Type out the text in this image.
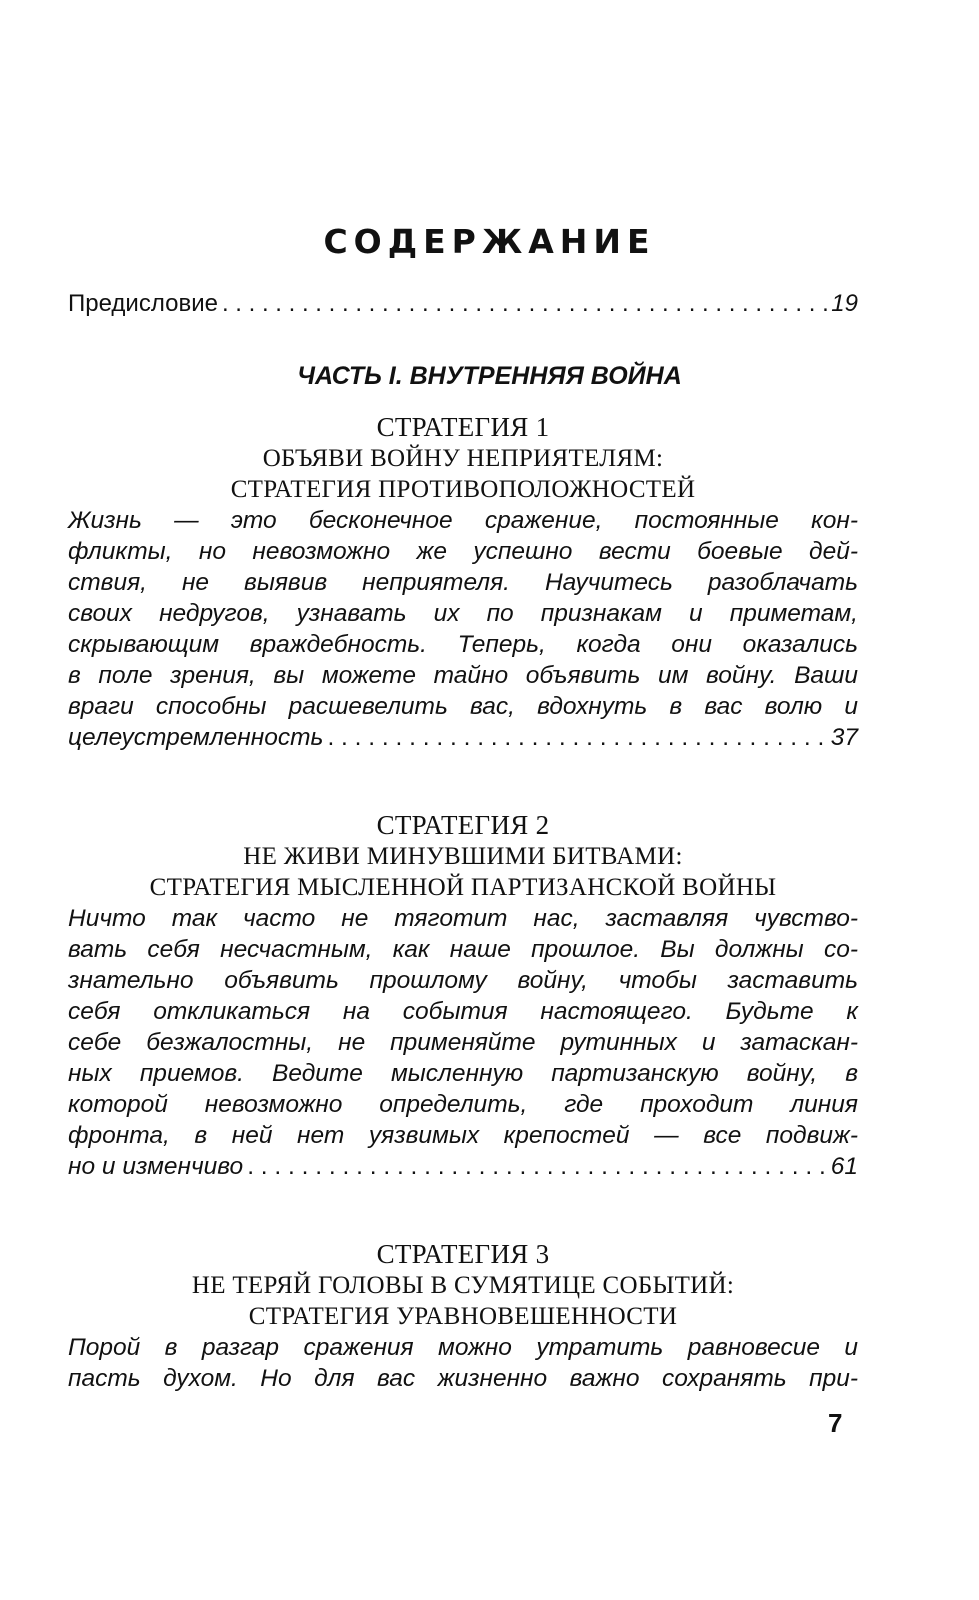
СОДЕРЖАНИЕ
Предисловие . . .	19
ЧАСТЬ I. ВНУТРЕННЯЯ ВОЙНА
СТРАТЕГИЯ 1
ОБЪЯВИ ВОЙНУ НЕПРИЯТЕЛЯМ:
СТРАТЕГИЯ ПРОТИВОПОЛОЖНОСТЕЙ
Жизнь — это бесконечное сражение, постоянные кон-
фликты, но невозможно же успешно вести боевые дей-
ствия, не выявив неприятеля. Научитесь разоблачать
своих недругов, узнавать их по признакам и приметам,
скрывающим враждебность. Теперь, когда они оказались
в поле зрения, вы можете тайно объявить им войну. Ваши
враги способны расшевелить вас, вдохнуть в вас волю и
целеустремленность . . .	37
СТРАТЕГИЯ 2
НЕ ЖИВИ МИНУВШИМИ БИТВАМИ:
СТРАТЕГИЯ МЫСЛЕННОЙ ПАРТИЗАНСКОЙ ВОЙНЫ
Ничто так часто не тяготит нас, заставляя чувство-
вать себя несчастным, как наше прошлое. Вы должны со-
знательно объявить прошлому войну, чтобы заставить
себя откликаться на события настоящего. Будьте к
себе безжалостны, не применяйте рутинных и затаскан-
ных приемов. Ведите мысленную партизанскую войну, в
которой невозможно определить, где проходит линия
фронта, в ней нет уязвимых крепостей — все подвиж-
но и изменчиво . . .	61
СТРАТЕГИЯ 3
НЕ ТЕРЯЙ ГОЛОВЫ В СУМЯТИЦЕ СОБЫТИЙ:
СТРАТЕГИЯ УРАВНОВЕШЕННОСТИ
Порой в разгар сражения можно утратить равновесие и
пасть духом. Но для вас жизненно важно сохранять при-
7
